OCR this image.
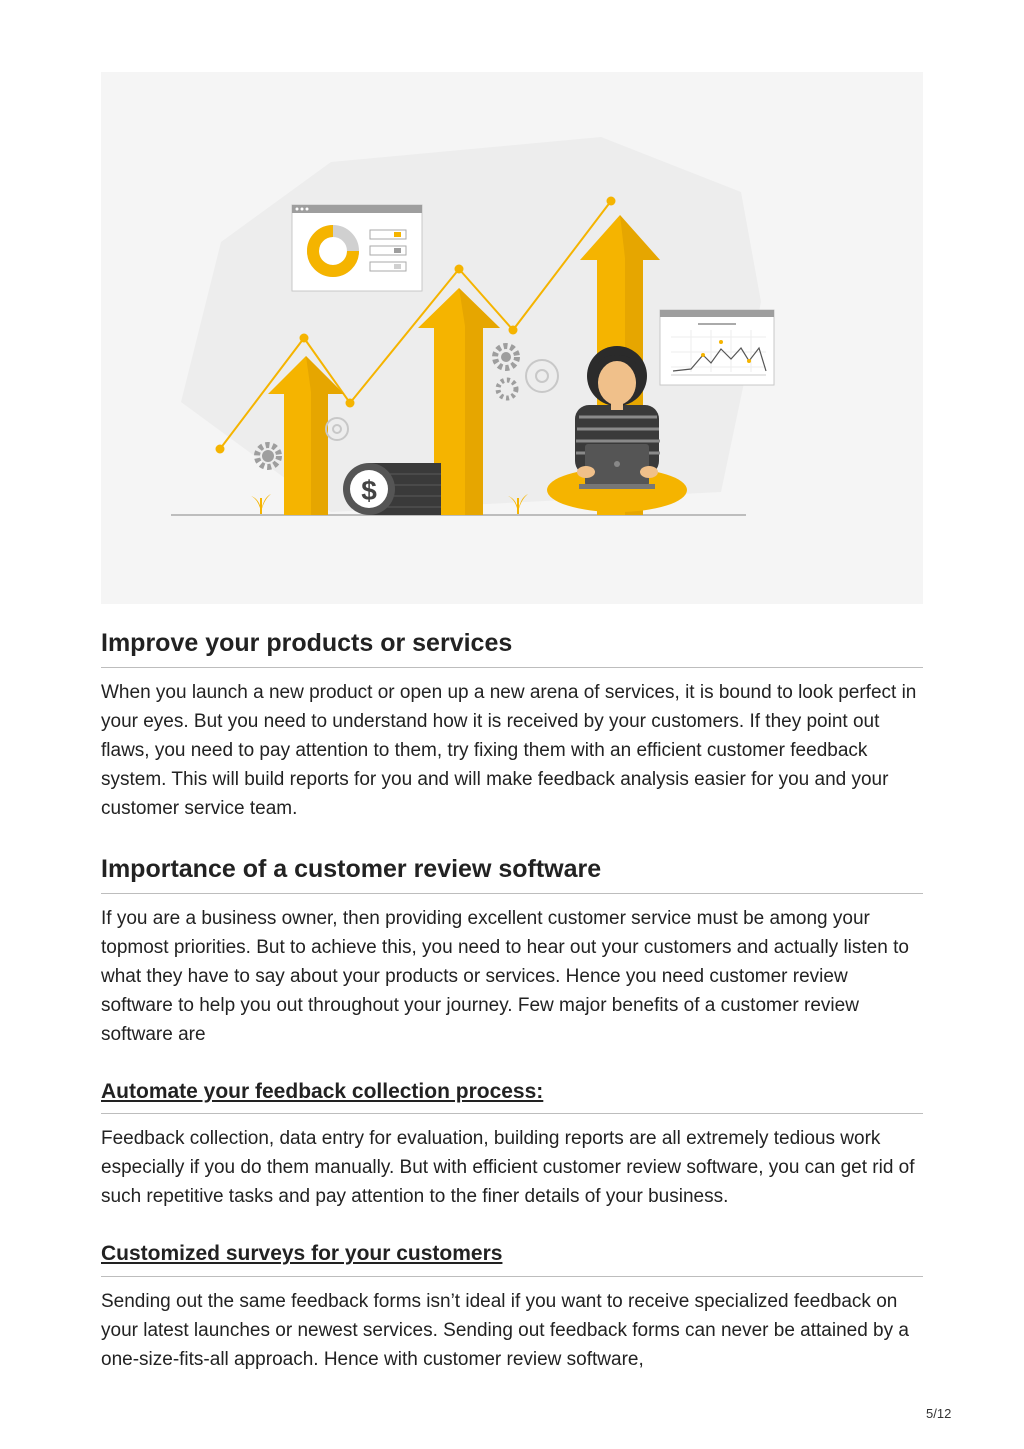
$
Improve your products or services

When you launch a new product or open up a new arena of services, it is bound to look perfect in your eyes. But you need to understand how it is received by your customers. If they point out flaws, you need to pay attention to them, try fixing them with an efficient customer feedback system. This will build reports for you and will make feedback analysis easier for you and your customer service team.

Importance of a customer review software

If you are a business owner, then providing excellent customer service must be among your topmost priorities. But to achieve this, you need to hear out your customers and actually listen to what they have to say about your products or services. Hence you need customer review software to help you out throughout your journey. Few major benefits of a customer review software are

Automate your feedback collection process:

Feedback collection, data entry for evaluation, building reports are all extremely tedious work especially if you do them manually. But with efficient customer review software, you can get rid of such repetitive tasks and pay attention to the finer details of your business.

Customized surveys for your customers

Sending out the same feedback forms isn’t ideal if you want to receive specialized feedback on your latest launches or newest services. Sending out feedback forms can never be attained by a one-size-fits-all approach. Hence with customer review software,

5/12
